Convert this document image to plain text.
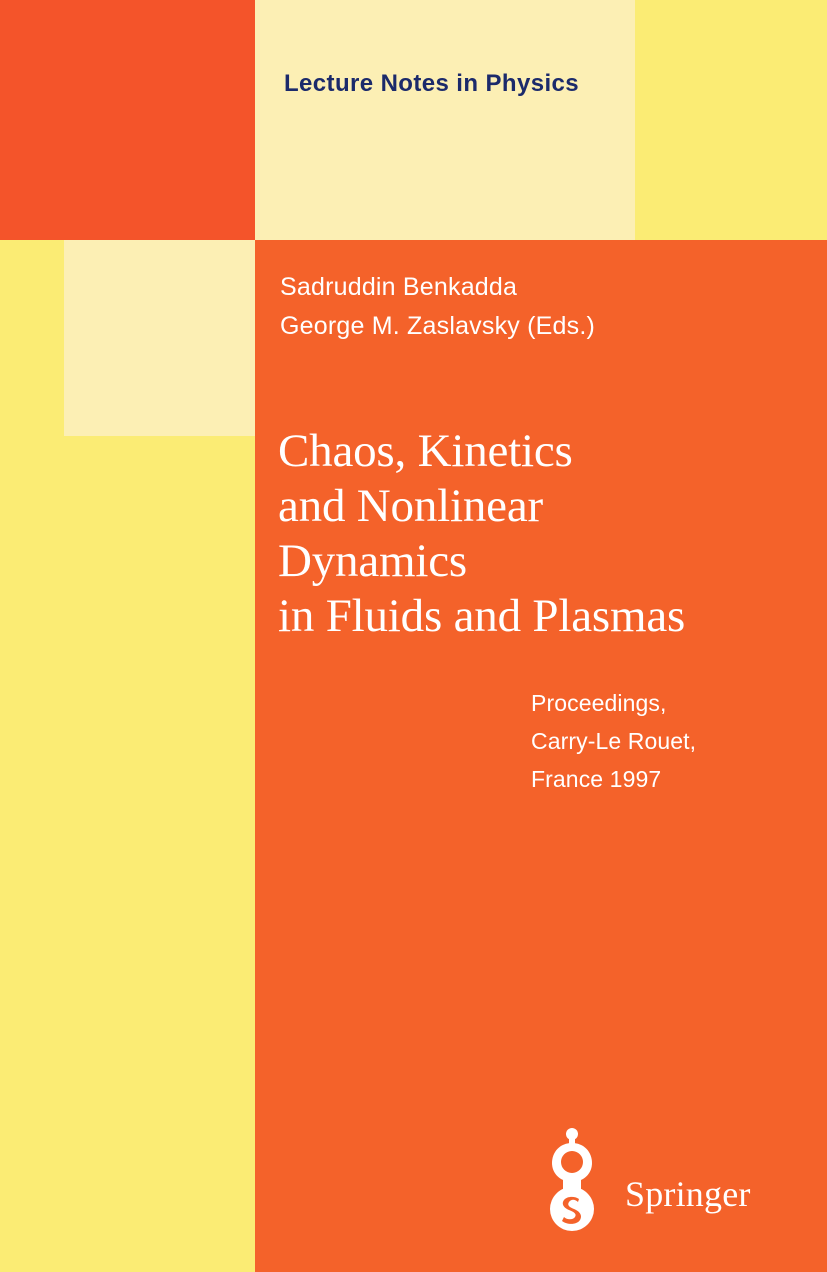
Lecture Notes in Physics
Sadruddin Benkadda
George M. Zaslavsky (Eds.)
Chaos, Kinetics
and Nonlinear
Dynamics
in Fluids and Plasmas
Proceedings,
Carry-Le Rouet,
France 1997
Springer
